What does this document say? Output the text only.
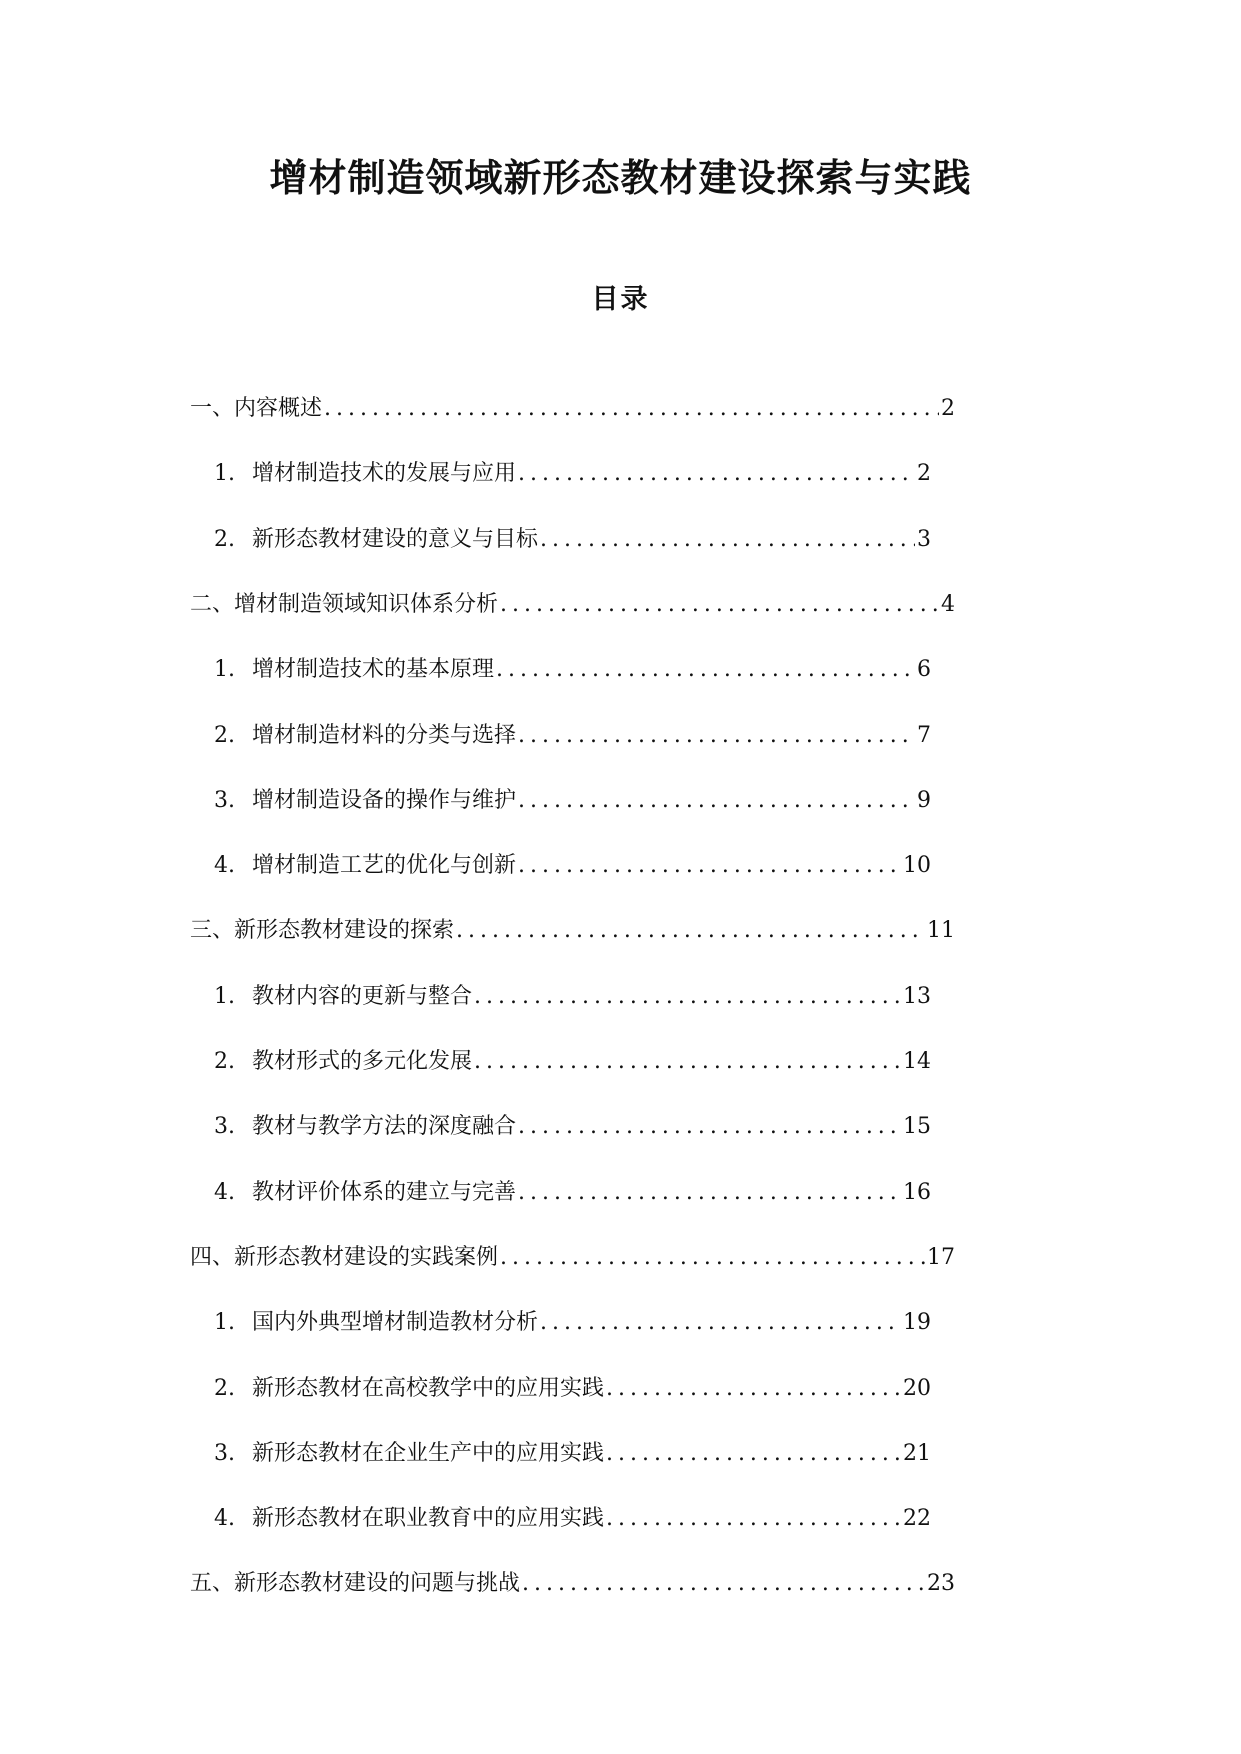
增材制造领域新形态教材建设探索与实践
目录
一、内容概述 .....	2
1. 增材制造技术的发展与应用 .....	2
2. 新形态教材建设的意义与目标 .....	3
二、增材制造领域知识体系分析 .....	4
1. 增材制造技术的基本原理 .....	6
2. 增材制造材料的分类与选择 .....	7
3. 增材制造设备的操作与维护 .....	9
4. 增材制造工艺的优化与创新 .....	10
三、新形态教材建设的探索 .....	11
1. 教材内容的更新与整合 .....	13
2. 教材形式的多元化发展 .....	14
3. 教材与教学方法的深度融合 .....	15
4. 教材评价体系的建立与完善 .....	16
四、新形态教材建设的实践案例 .....	17
1. 国内外典型增材制造教材分析 .....	19
2. 新形态教材在高校教学中的应用实践 .....	20
3. 新形态教材在企业生产中的应用实践 .....	21
4. 新形态教材在职业教育中的应用实践 .....	22
五、新形态教材建设的问题与挑战 .....	23
